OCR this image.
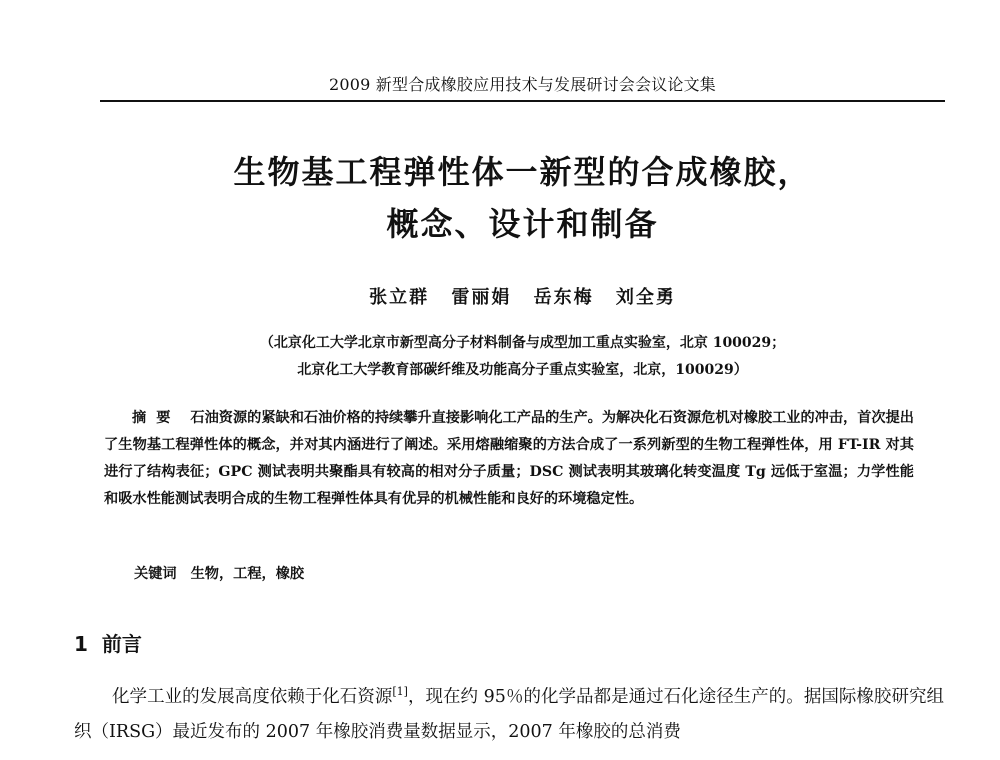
2009 新型合成橡胶应用技术与发展研讨会会议论文集
生物基工程弹性体一新型的合成橡胶，
概念、设计和制备
张立群 雷丽娟 岳东梅 刘全勇
（北京化工大学北京市新型高分子材料制备与成型加工重点实验室，北京 100029；
北京化工大学教育部碳纤维及功能高分子重点实验室，北京，100029）
摘要 石油资源的紧缺和石油价格的持续攀升直接影响化工产品的生产。为解决化石资源危机对橡胶工业的冲击，首次提出了生物基工程弹性体的概念，并对其内涵进行了阐述。采用熔融缩聚的方法合成了一系列新型的生物工程弹性体，用 FT-IR 对其进行了结构表征；GPC 测试表明共聚酯具有较高的相对分子质量；DSC 测试表明其玻璃化转变温度 Tg 远低于室温；力学性能和吸水性能测试表明合成的生物工程弹性体具有优异的机械性能和良好的环境稳定性。
关键词 生物，工程，橡胶
1 前言
化学工业的发展高度依赖于化石资源[1]，现在约 95％的化学品都是通过石化途径生产的。据国际橡胶研究组织（IRSG）最近发布的 2007 年橡胶消费量数据显示，2007 年橡胶的总消费
